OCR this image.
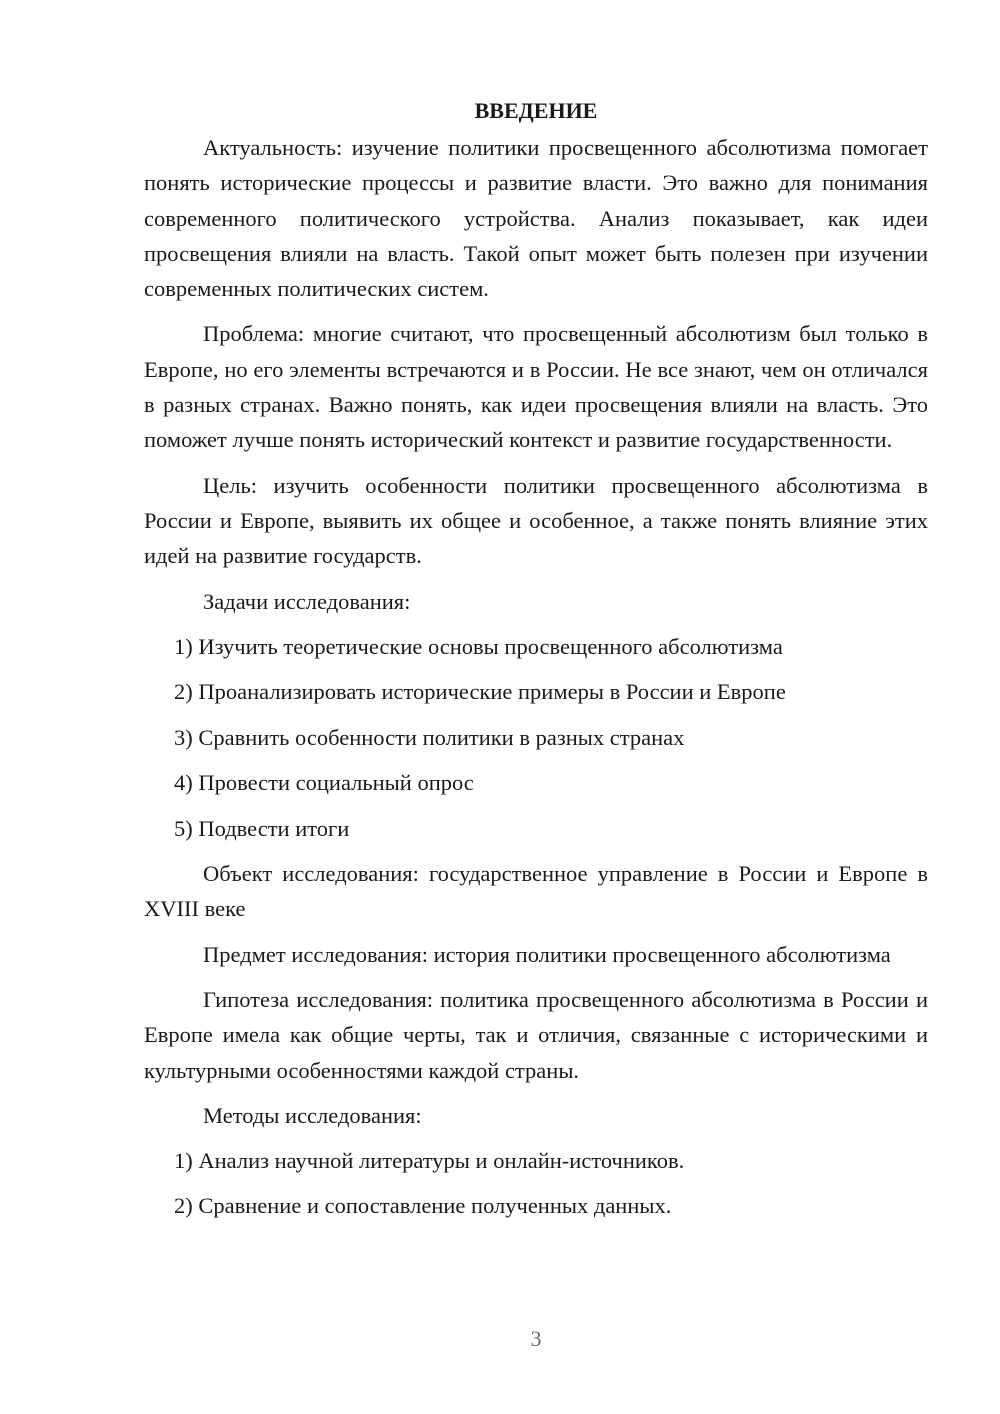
ВВЕДЕНИЕ

Актуальность: изучение политики просвещенного абсолютизма помогает понять исторические процессы и развитие власти. Это важно для понимания современного политического устройства. Анализ показывает, как идеи просвещения влияли на власть. Такой опыт может быть полезен при изучении современных политических систем.

Проблема: многие считают, что просвещенный абсолютизм был только в Европе, но его элементы встречаются и в России. Не все знают, чем он отличался в разных странах. Важно понять, как идеи просвещения влияли на власть. Это поможет лучше понять исторический контекст и развитие государственности.

Цель: изучить особенности политики просвещенного абсолютизма в России и Европе, выявить их общее и особенное, а также понять влияние этих идей на развитие государств.

Задачи исследования:
1) Изучить теоретические основы просвещенного абсолютизма
2) Проанализировать исторические примеры в России и Европе
3) Сравнить особенности политики в разных странах
4) Провести социальный опрос
5) Подвести итоги

Объект исследования: государственное управление в России и Европе в XVIII веке

Предмет исследования: история политики просвещенного абсолютизма

Гипотеза исследования: политика просвещенного абсолютизма в России и Европе имела как общие черты, так и отличия, связанные с историческими и культурными особенностями каждой страны.

Методы исследования:
1) Анализ научной литературы и онлайн-источников.
2) Сравнение и сопоставление полученных данных.
3
